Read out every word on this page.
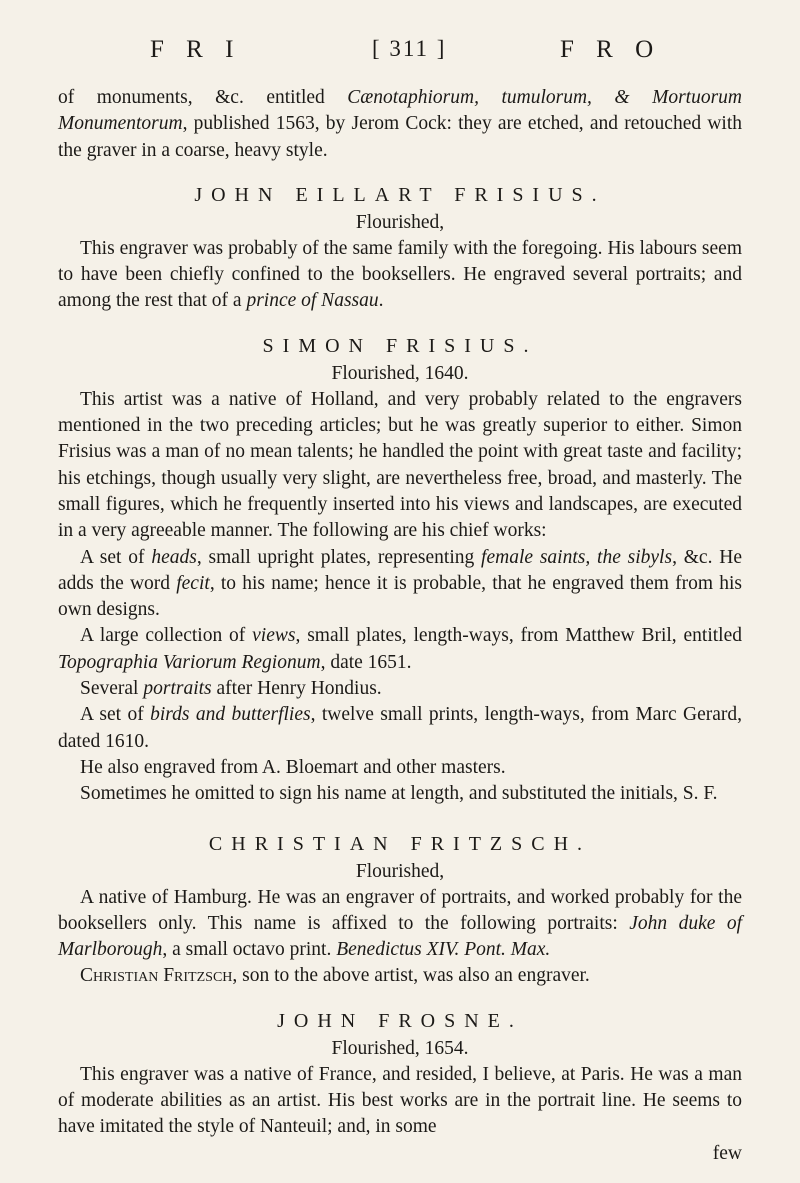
F R I	[ 311 ]	F R O

of monuments, &c. entitled Cænotaphiorum, tumulorum, & Mortuorum Monumentorum, published 1563, by Jerom Cock: they are etched, and retouched with the graver in a coarse, heavy style.

JOHN EILLART FRISIUS.
Flourished,

This engraver was probably of the same family with the foregoing. His labours seem to have been chiefly confined to the booksellers. He engraved several portraits; and among the rest that of a prince of Nassau.

SIMON FRISIUS.
Flourished, 1640.

This artist was a native of Holland, and very probably related to the engravers mentioned in the two preceding articles; but he was greatly superior to either. Simon Frisius was a man of no mean talents; he handled the point with great taste and facility; his etchings, though usually very slight, are nevertheless free, broad, and masterly. The small figures, which he frequently inserted into his views and landscapes, are executed in a very agreeable manner. The following are his chief works:

A set of heads, small upright plates, representing female saints, the sibyls, &c. He adds the word fecit, to his name; hence it is probable, that he engraved them from his own designs.

A large collection of views, small plates, length-ways, from Matthew Bril, entitled Topographia Variorum Regionum, date 1651.

Several portraits after Henry Hondius.

A set of birds and butterflies, twelve small prints, length-ways, from Marc Gerard, dated 1610.

He also engraved from A. Bloemart and other masters.

Sometimes he omitted to sign his name at length, and substituted the initials, S. F.

CHRISTIAN FRITZSCH.
Flourished,

A native of Hamburg. He was an engraver of portraits, and worked probably for the booksellers only. This name is affixed to the following portraits: John duke of Marlborough, a small octavo print. Benedictus XIV. Pont. Max.

Christian Fritzsch, son to the above artist, was also an engraver.

JOHN FROSNE.
Flourished, 1654.

This engraver was a native of France, and resided, I believe, at Paris. He was a man of moderate abilities as an artist. His best works are in the portrait line. He seems to have imitated the style of Nanteuil; and, in some

few
